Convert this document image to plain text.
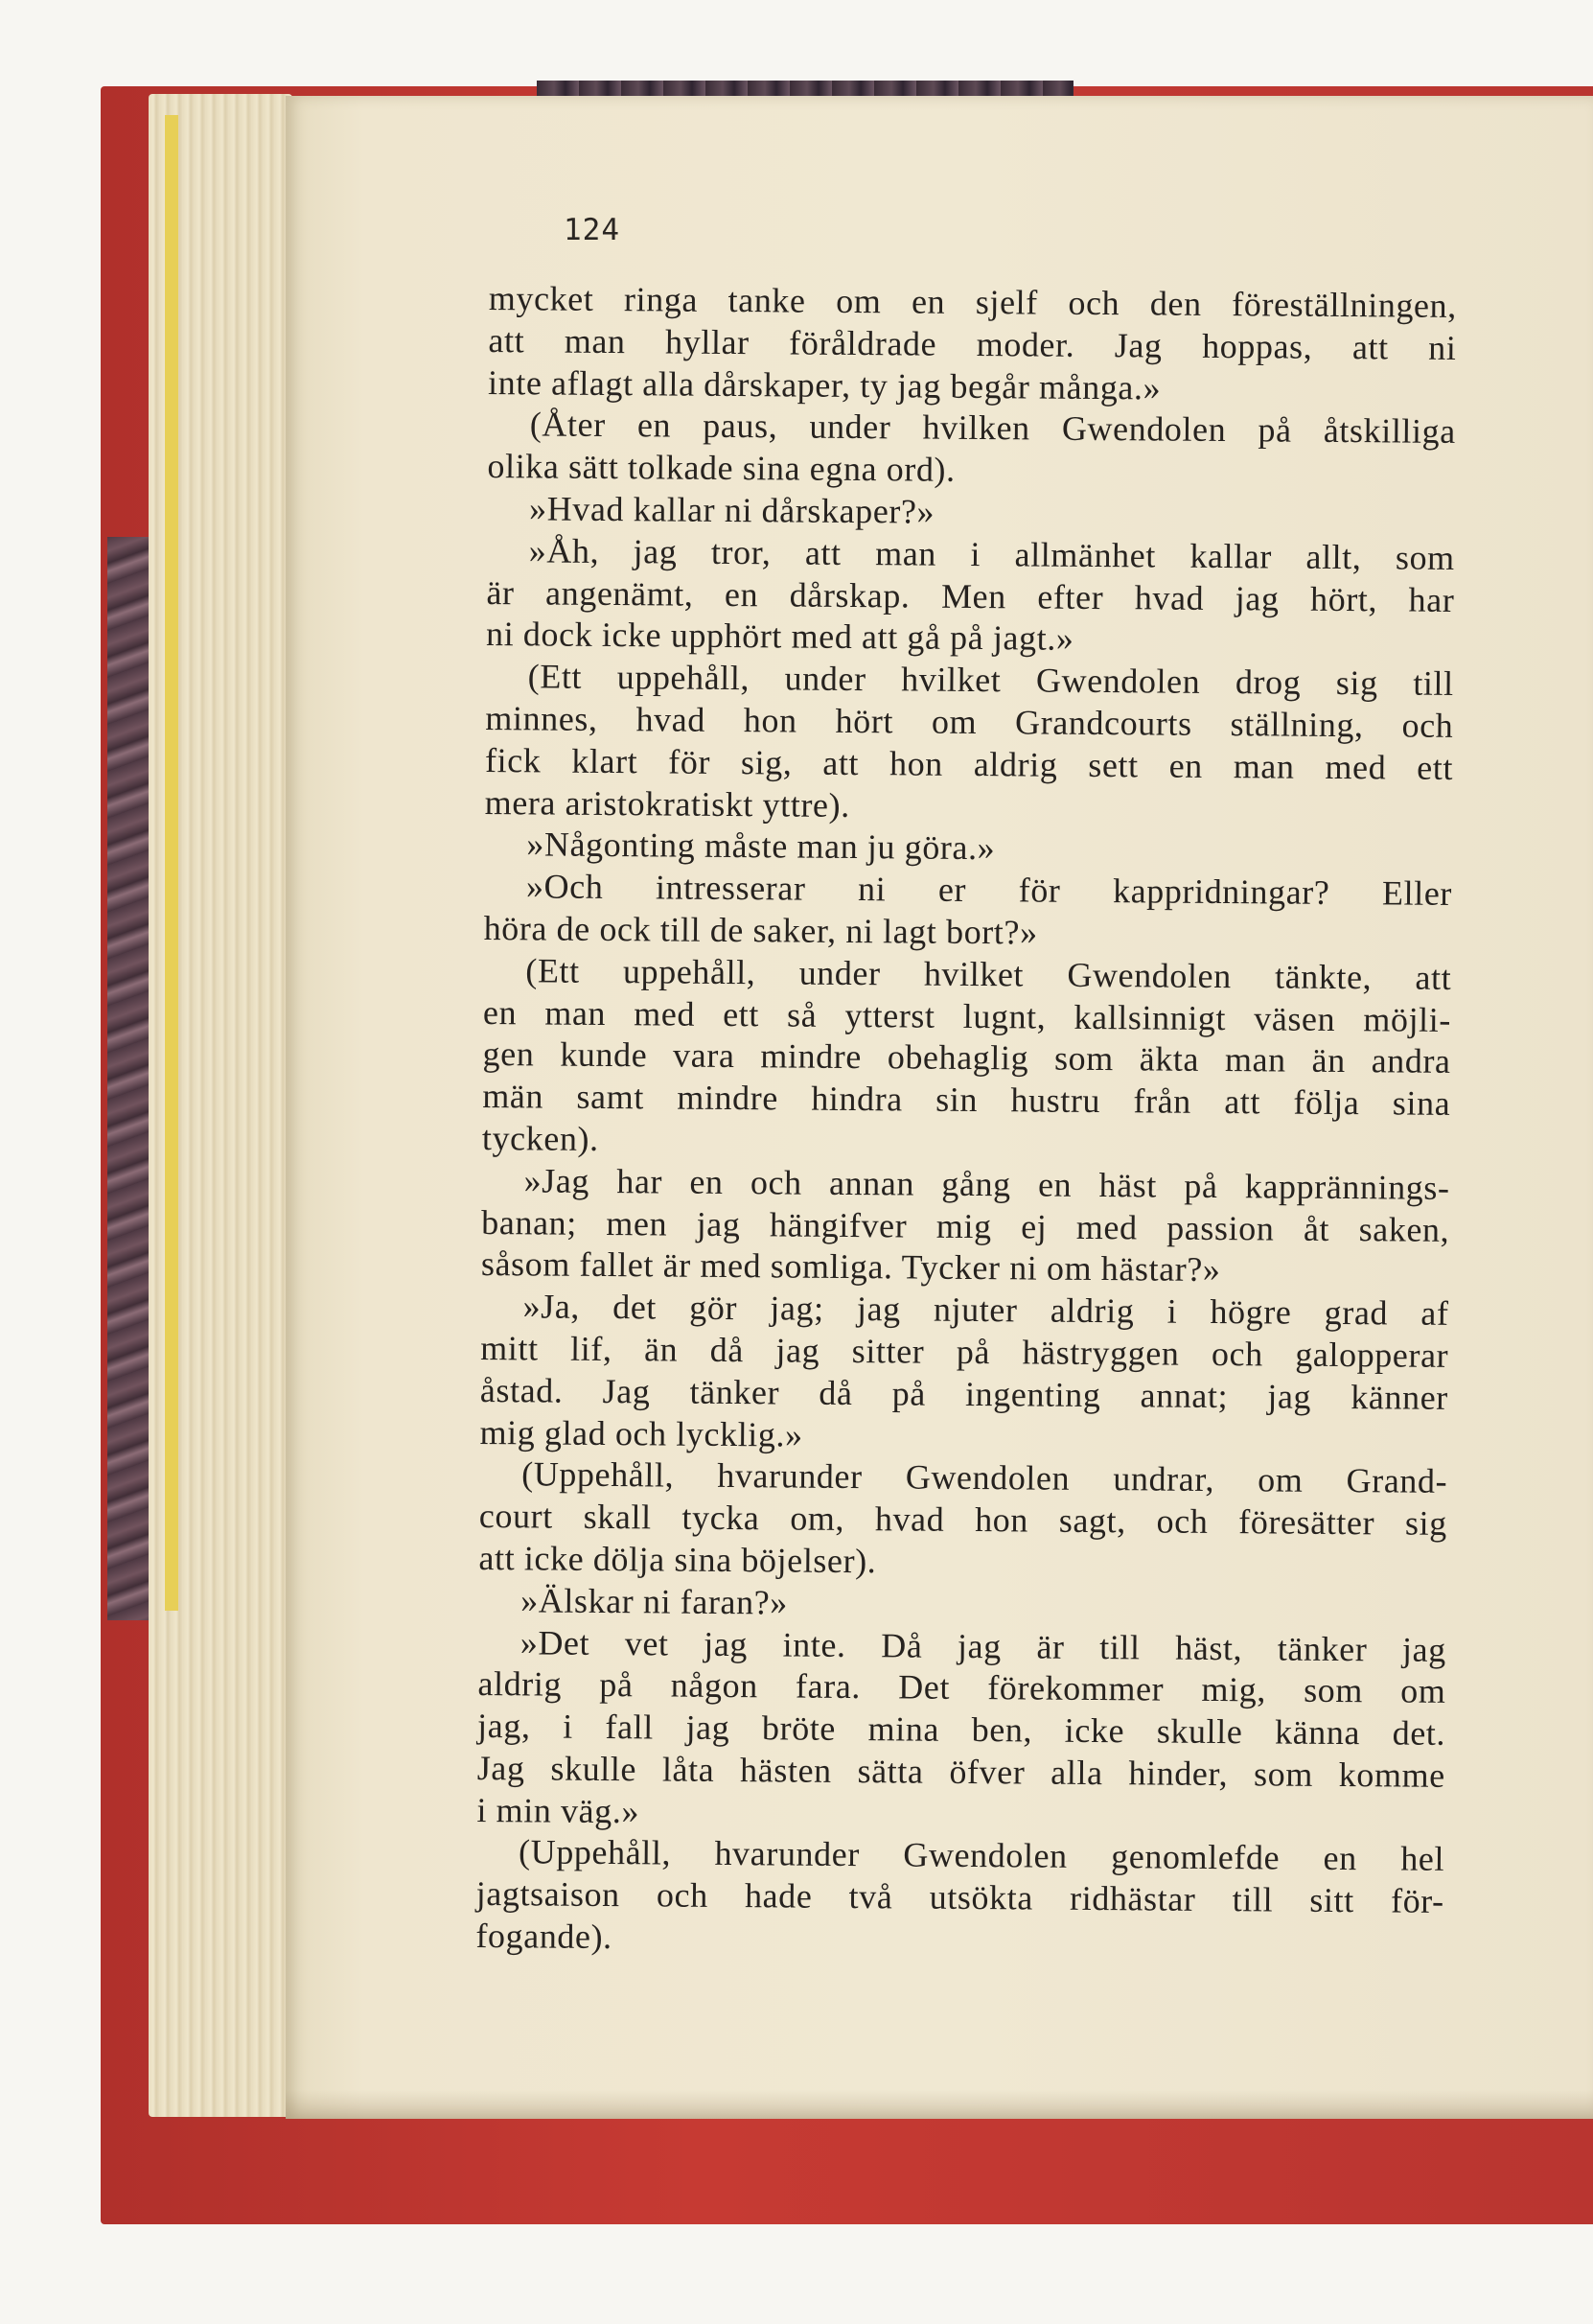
124
mycket ringa tanke om en sjelf och den föreställningen,
att man hyllar föråldrade moder. Jag hoppas, att ni
inte aflagt alla dårskaper, ty jag begår många.»
(Åter en paus, under hvilken Gwendolen på åtskilliga
olika sätt tolkade sina egna ord).
»Hvad kallar ni dårskaper?»
»Åh, jag tror, att man i allmänhet kallar allt, som
är angenämt, en dårskap. Men efter hvad jag hört, har
ni dock icke upphört med att gå på jagt.»
(Ett uppehåll, under hvilket Gwendolen drog sig till
minnes, hvad hon hört om Grandcourts ställning, och
fick klart för sig, att hon aldrig sett en man med ett
mera aristokratiskt yttre).
»Någonting måste man ju göra.»
»Och intresserar ni er för kappridningar? Eller
höra de ock till de saker, ni lagt bort?»
(Ett uppehåll, under hvilket Gwendolen tänkte, att
en man med ett så ytterst lugnt, kallsinnigt väsen möjli-
gen kunde vara mindre obehaglig som äkta man än andra
män samt mindre hindra sin hustru från att följa sina
tycken).
»Jag har en och annan gång en häst på kapprännings-
banan; men jag hängifver mig ej med passion åt saken,
såsom fallet är med somliga. Tycker ni om hästar?»
»Ja, det gör jag; jag njuter aldrig i högre grad af
mitt lif, än då jag sitter på hästryggen och galopperar
åstad. Jag tänker då på ingenting annat; jag känner
mig glad och lycklig.»
(Uppehåll, hvarunder Gwendolen undrar, om Grand-
court skall tycka om, hvad hon sagt, och föresätter sig
att icke dölja sina böjelser).
»Älskar ni faran?»
»Det vet jag inte. Då jag är till häst, tänker jag
aldrig på någon fara. Det förekommer mig, som om
jag, i fall jag bröte mina ben, icke skulle känna det.
Jag skulle låta hästen sätta öfver alla hinder, som komme
i min väg.»
(Uppehåll, hvarunder Gwendolen genomlefde en hel
jagtsaison och hade två utsökta ridhästar till sitt för-
fogande).
